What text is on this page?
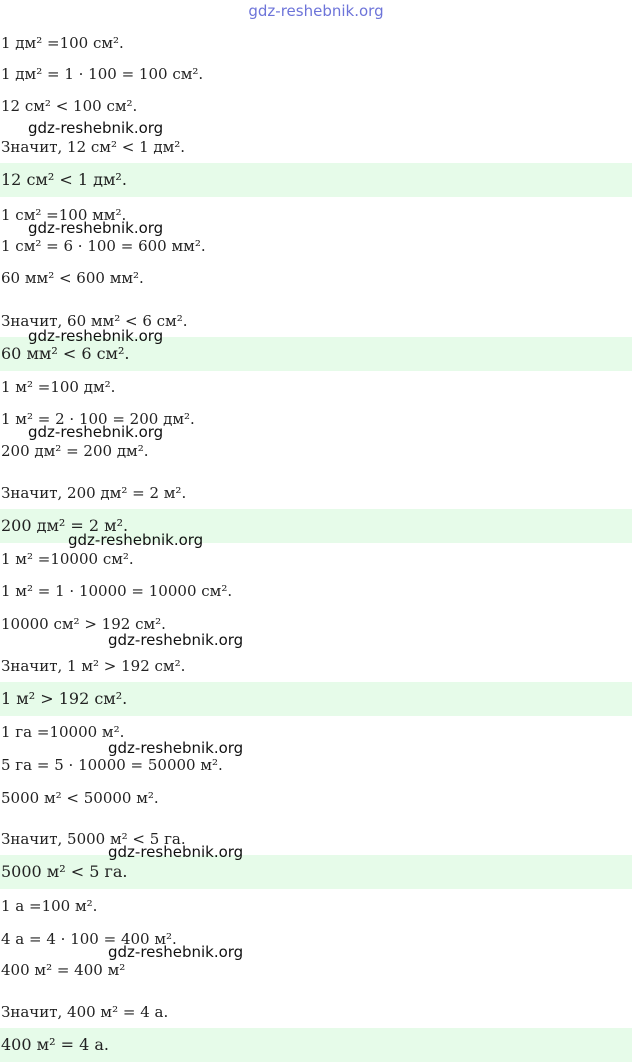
gdz-reshebnik.org
1 дм² =100 см².
1 дм² = 1 · 100 = 100 см².
12 см² < 100 см².
Значит, 12 см² < 1 дм².
12 см² < 1 дм².
1 см² =100 мм².
1 см² = 6 · 100 = 600 мм².
60 мм² < 600 мм².
Значит, 60 мм² < 6 см².
60 мм² < 6 см².
1 м² =100 дм².
1 м² = 2 · 100 = 200 дм².
200 дм² = 200 дм².
Значит, 200 дм² = 2 м².
200 дм² = 2 м².
1 м² =10000 см².
1 м² = 1 · 10000 = 10000 см².
10000 см² > 192 см².
Значит, 1 м² > 192 см².
1 м² > 192 см².
1 га =10000 м².
5 га = 5 · 10000 = 50000 м².
5000 м² < 50000 м².
Значит, 5000 м² < 5 га.
5000 м² < 5 га.
1 а =100 м².
4 а = 4 · 100 = 400 м².
400 м² = 400 м²
Значит, 400 м² = 4 а.
400 м² = 4 а.
gdz-reshebnik.org
gdz-reshebnik.org
gdz-reshebnik.org
gdz-reshebnik.org
gdz-reshebnik.org
gdz-reshebnik.org
gdz-reshebnik.org
gdz-reshebnik.org
gdz-reshebnik.org
